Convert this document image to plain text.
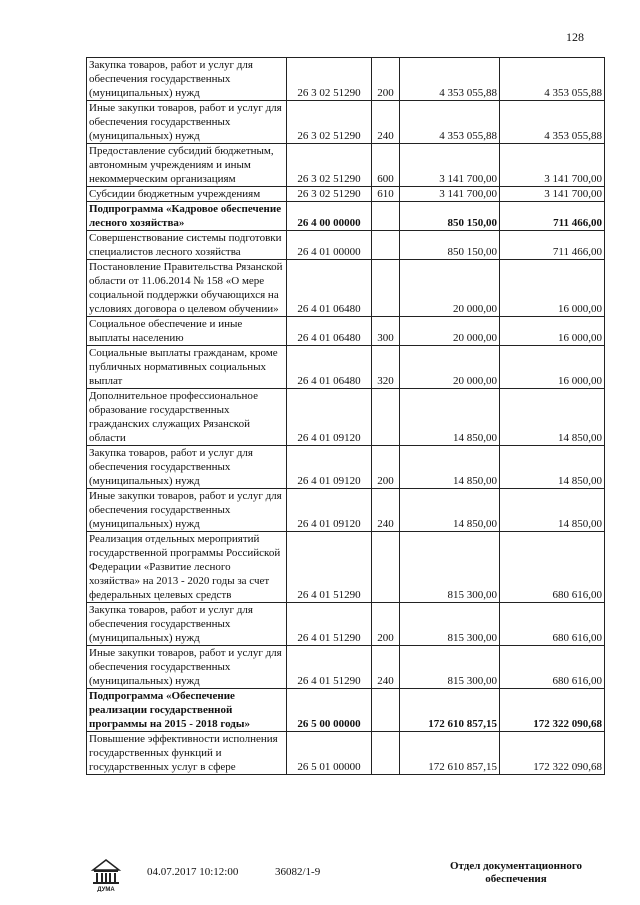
128
Закупка товаров, работ и услуг для обеспечения государственных (муниципальных) нужд	26 3 02 51290	200	4 353 055,88	4 353 055,88
Иные закупки товаров, работ и услуг для обеспечения государственных (муниципальных) нужд	26 3 02 51290	240	4 353 055,88	4 353 055,88
Предоставление субсидий бюджетным, автономным учреждениям и иным некоммерческим организациям	26 3 02 51290	600	3 141 700,00	3 141 700,00
Субсидии бюджетным учреждениям	26 3 02 51290	610	3 141 700,00	3 141 700,00
Подпрограмма «Кадровое обеспечение лесного хозяйства»	26 4 00 00000		850 150,00	711 466,00
Совершенствование системы подготовки специалистов лесного хозяйства	26 4 01 00000		850 150,00	711 466,00
Постановление Правительства Рязанской области от 11.06.2014 № 158 «О мере социальной поддержки обучающихся на условиях договора о целевом обучении»	26 4 01 06480		20 000,00	16 000,00
Социальное обеспечение и иные выплаты населению	26 4 01 06480	300	20 000,00	16 000,00
Социальные выплаты гражданам, кроме публичных нормативных социальных выплат	26 4 01 06480	320	20 000,00	16 000,00
Дополнительное профессиональное образование государственных гражданских служащих Рязанской области	26 4 01 09120		14 850,00	14 850,00
Закупка товаров, работ и услуг для обеспечения государственных (муниципальных) нужд	26 4 01 09120	200	14 850,00	14 850,00
Иные закупки товаров, работ и услуг для обеспечения государственных (муниципальных) нужд	26 4 01 09120	240	14 850,00	14 850,00
Реализация отдельных мероприятий государственной программы Российской Федерации «Развитие лесного хозяйства» на 2013 - 2020 годы за счет федеральных целевых средств	26 4 01 51290		815 300,00	680 616,00
Закупка товаров, работ и услуг для обеспечения государственных (муниципальных) нужд	26 4 01 51290	200	815 300,00	680 616,00
Иные закупки товаров, работ и услуг для обеспечения государственных (муниципальных) нужд	26 4 01 51290	240	815 300,00	680 616,00
Подпрограмма «Обеспечение реализации государственной программы на 2015 - 2018 годы»	26 5 00 00000		172 610 857,15	172 322 090,68
Повышение эффективности исполнения государственных функций и государственных услуг в сфере	26 5 01 00000		172 610 857,15	172 322 090,68
ДУМА
04.07.2017 10:12:00	36082/1-9	Отдел документационного обеспечения
